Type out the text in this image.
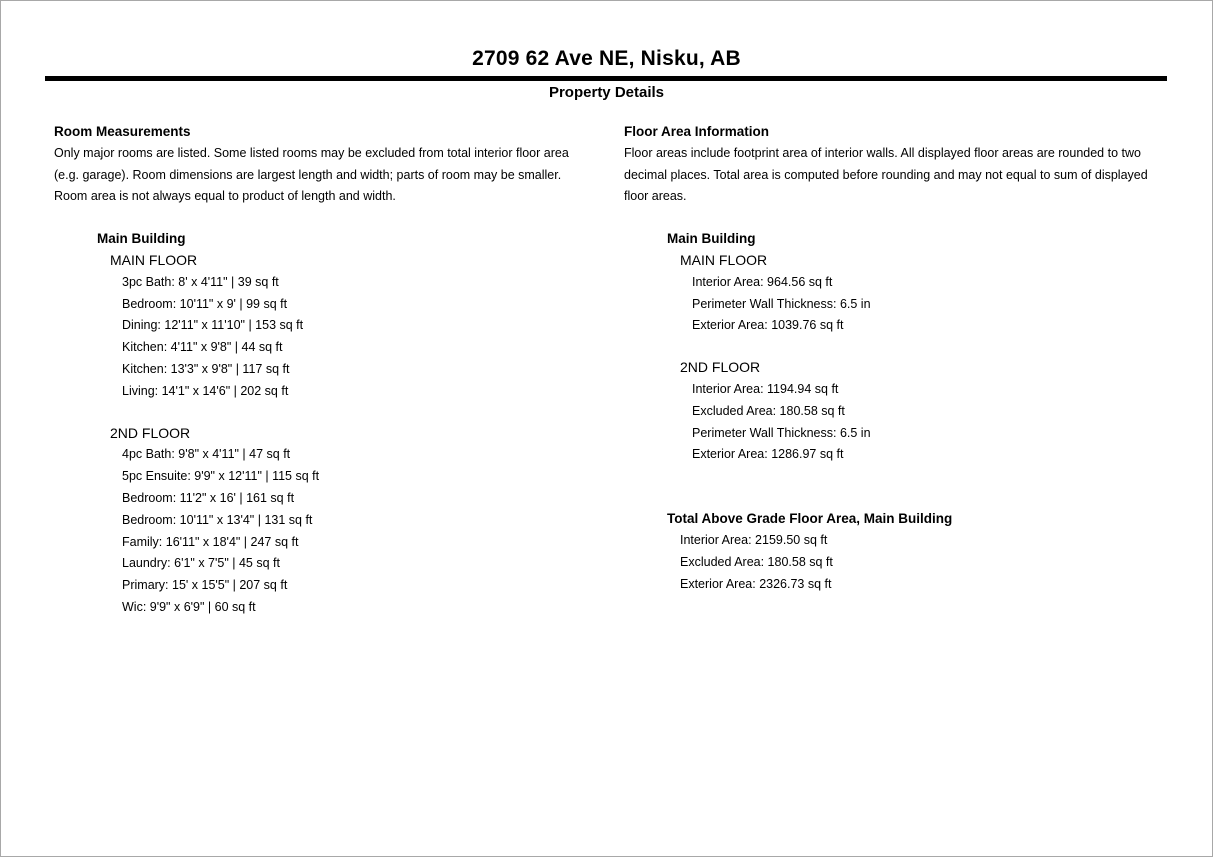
2709 62 Ave NE, Nisku, AB
Property Details
Room Measurements

Only major rooms are listed. Some listed rooms may be excluded from total interior floor area (e.g. garage). Room dimensions are largest length and width; parts of room may be smaller. Room area is not always equal to product of length and width.

Main Building
MAIN FLOOR
3pc Bath: 8' x 4'11" | 39 sq ft
Bedroom: 10'11" x 9' | 99 sq ft
Dining: 12'11" x 11'10" | 153 sq ft
Kitchen: 4'11" x 9'8" | 44 sq ft
Kitchen: 13'3" x 9'8" | 117 sq ft
Living: 14'1" x 14'6" | 202 sq ft
2ND FLOOR
4pc Bath: 9'8" x 4'11" | 47 sq ft
5pc Ensuite: 9'9" x 12'11" | 115 sq ft
Bedroom: 11'2" x 16' | 161 sq ft
Bedroom: 10'11" x 13'4" | 131 sq ft
Family: 16'11" x 18'4" | 247 sq ft
Laundry: 6'1" x 7'5" | 45 sq ft
Primary: 15' x 15'5" | 207 sq ft
Wic: 9'9" x 6'9" | 60 sq ft
Floor Area Information

Floor areas include footprint area of interior walls. All displayed floor areas are rounded to two decimal places. Total area is computed before rounding and may not equal to sum of displayed floor areas.

Main Building
MAIN FLOOR
Interior Area: 964.56 sq ft
Perimeter Wall Thickness: 6.5 in
Exterior Area: 1039.76 sq ft
2ND FLOOR
Interior Area: 1194.94 sq ft
Excluded Area: 180.58 sq ft
Perimeter Wall Thickness: 6.5 in
Exterior Area: 1286.97 sq ft
Total Above Grade Floor Area, Main Building
Interior Area: 2159.50 sq ft
Excluded Area: 180.58 sq ft
Exterior Area: 2326.73 sq ft
